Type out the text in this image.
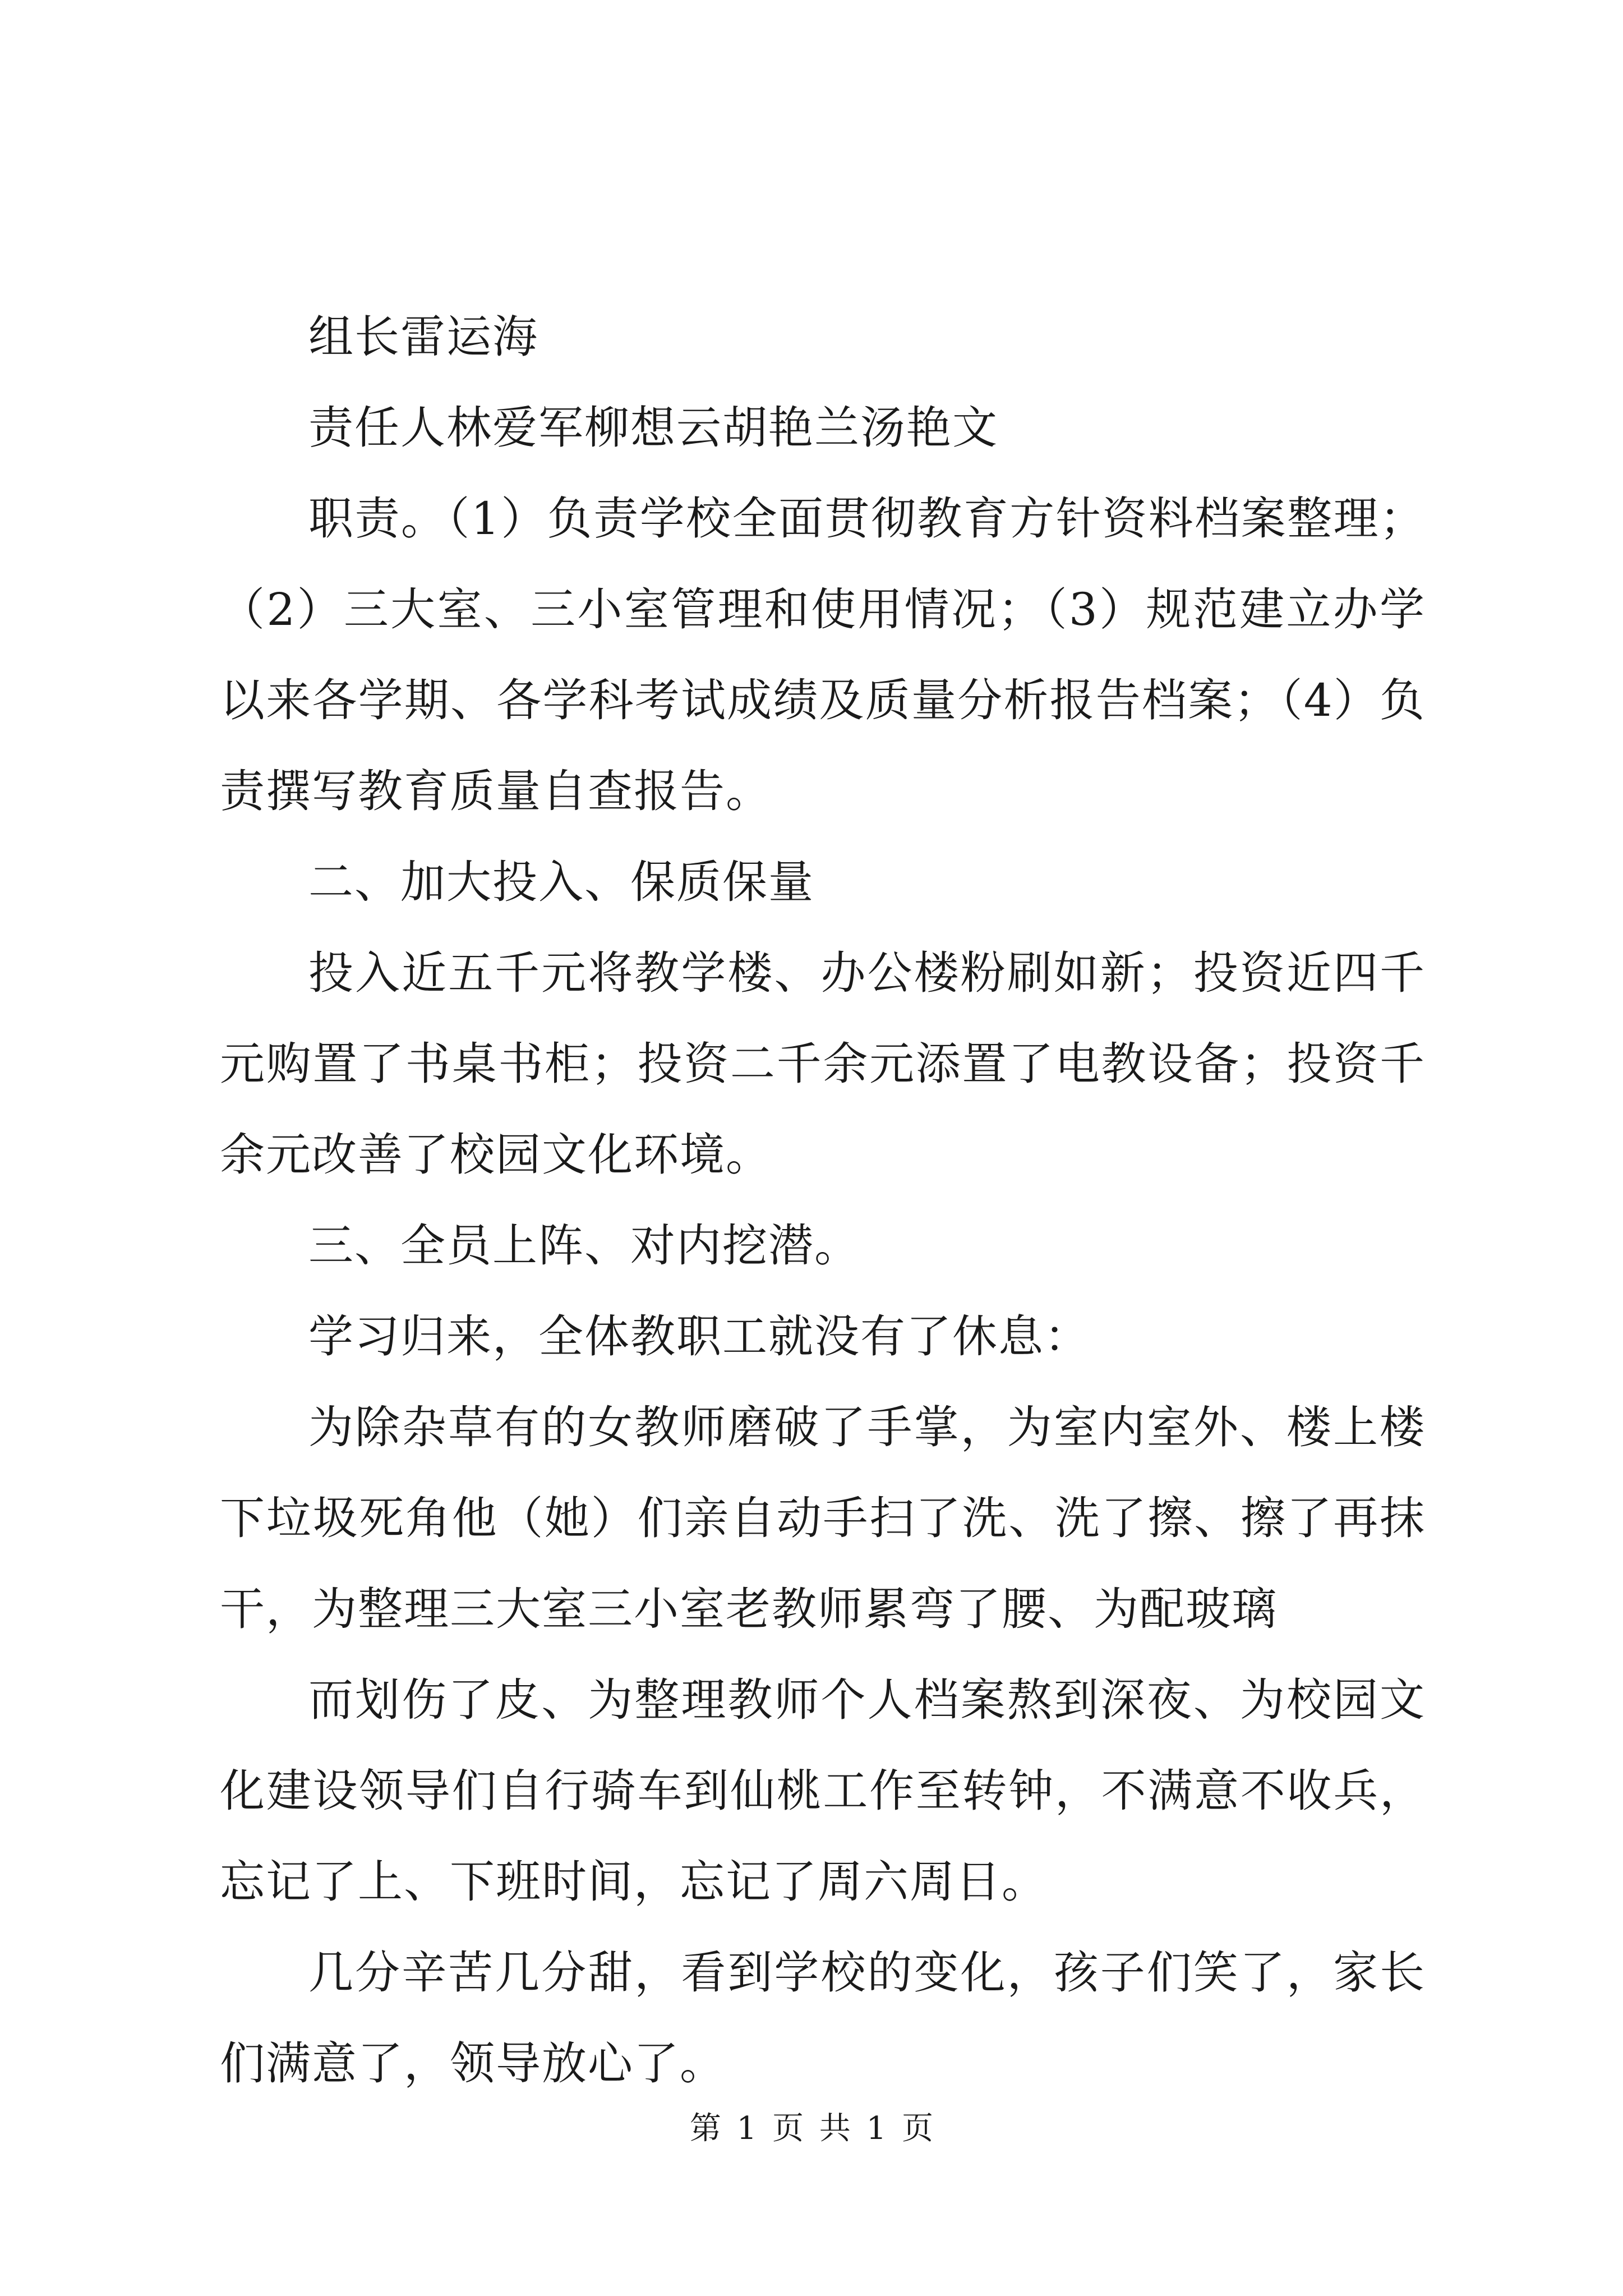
组长雷运海

责任人林爱军柳想云胡艳兰汤艳文

职责。（1）负责学校全面贯彻教育方针资料档案整理；（2）三大室、三小室管理和使用情况；（3）规范建立办学以来各学期、各学科考试成绩及质量分析报告档案；（4）负责撰写教育质量自查报告。

二、加大投入、保质保量

投入近五千元将教学楼、办公楼粉刷如新；投资近四千元购置了书桌书柜；投资二千余元添置了电教设备；投资千余元改善了校园文化环境。

三、全员上阵、对内挖潜。

学习归来，全体教职工就没有了休息：

为除杂草有的女教师磨破了手掌，为室内室外、楼上楼下垃圾死角他（她）们亲自动手扫了洗、洗了擦、擦了再抹干，为整理三大室三小室老教师累弯了腰、为配玻璃

而划伤了皮、为整理教师个人档案熬到深夜、为校园文化建设领导们自行骑车到仙桃工作至转钟，不满意不收兵，忘记了上、下班时间，忘记了周六周日。

几分辛苦几分甜，看到学校的变化，孩子们笑了，家长们满意了，领导放心了。

第 1 页 共 1 页
